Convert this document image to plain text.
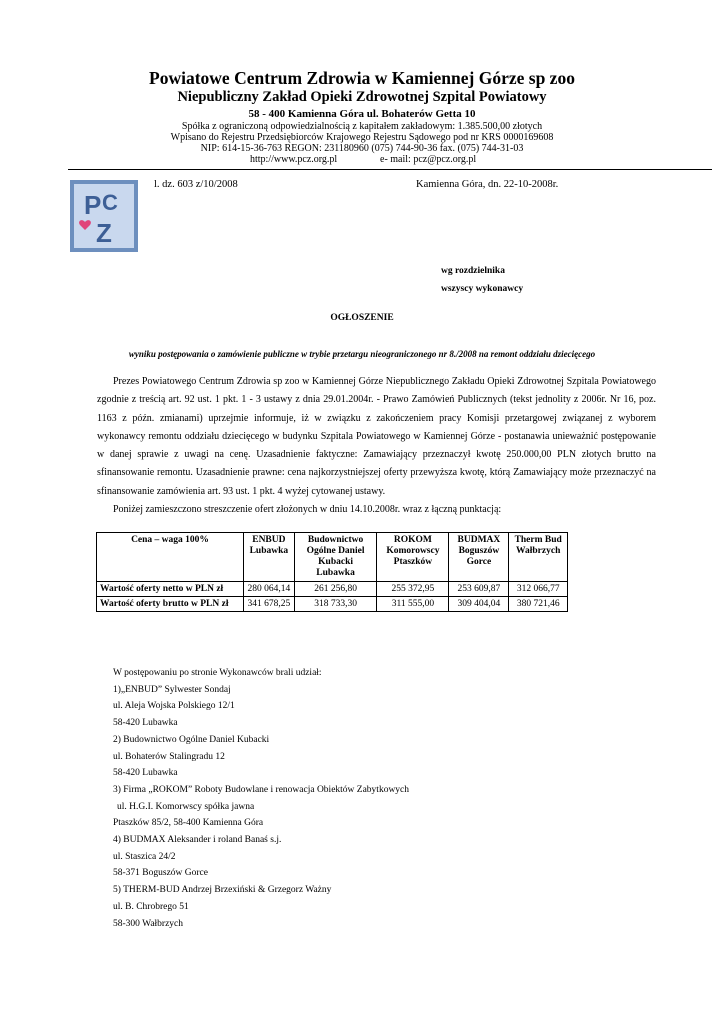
Powiatowe Centrum Zdrowia w Kamiennej Górze sp zoo
Niepubliczny Zakład Opieki Zdrowotnej Szpital Powiatowy
58 - 400 Kamienna Góra ul. Bohaterów Getta 10
Spółka z ograniczoną odpowiedzialnością z kapitałem zakładowym: 1.385.500,00 złotych
Wpisano do Rejestru Przedsiębiorców Krajowego Rejestru Sądowego pod nr KRS 0000169608
NIP: 614-15-36-763 REGON: 231180960 (075) 744-90-36 fax. (075) 744-31-03
http://www.pcz.org.pl	e- mail: pcz@pcz.org.pl
P C
Z
l. dz. 603 z/10/2008	Kamienna Góra, dn. 22-10-2008r.
wg rozdzielnika
wszyscy wykonawcy
OGŁOSZENIE
wyniku postępowania o zamówienie publiczne w trybie przetargu nieograniczonego nr 8./2008 na remont oddziału dziecięcego

Prezes Powiatowego Centrum Zdrowia sp zoo w Kamiennej Górze Niepublicznego Zakładu Opieki Zdrowotnej Szpitala Powiatowego zgodnie z treścią art. 92 ust. 1 pkt. 1 - 3 ustawy z dnia 29.01.2004r. - Prawo Zamówień Publicznych (tekst jednolity z 2006r. Nr 16, poz. 1163 z późn. zmianami) uprzejmie informuje, iż w związku z zakończeniem pracy Komisji przetargowej związanej z wyborem wykonawcy remontu oddziału dziecięcego w budynku Szpitala Powiatowego w Kamiennej Górze - postanawia unieważnić postępowanie w danej sprawie z uwagi na cenę. Uzasadnienie faktyczne: Zamawiający przeznaczył kwotę 250.000,00 PLN złotych brutto na sfinansowanie remontu. Uzasadnienie prawne: cena najkorzystniejszej oferty przewyższa kwotę, którą Zamawiający może przeznaczyć na sfinansowanie zamówienia art. 93 ust. 1 pkt. 4 wyżej cytowanej ustawy.

Poniżej zamieszczono streszczenie ofert złożonych w dniu 14.10.2008r. wraz z łączną punktacją:

Cena – waga 100%	ENBUD Lubawka	Budownictwo Ogólne Daniel Kubacki Lubawka	ROKOM Komorowscy Ptaszków	BUDMAX Boguszów Gorce	Therm Bud Wałbrzych
Wartość oferty netto w PLN zł	280 064,14	261 256,80	255 372,95	253 609,87	312 066,77
Wartość oferty brutto w PLN zł	341 678,25	318 733,30	311 555,00	309 404,04	380 721,46
W postępowaniu po stronie Wykonawców brali udział:
1)„ENBUD” Sylwester Sondaj
ul. Aleja Wojska Polskiego 12/1
58-420 Lubawka
2) Budownictwo Ogólne Daniel Kubacki
ul. Bohaterów Stalingradu 12
58-420 Lubawka
3) Firma „ROKOM” Roboty Budowlane i renowacja Obiektów Zabytkowych
ul. H.G.I. Komorwscy spółka jawna
Ptaszków 85/2, 58-400 Kamienna Góra
4) BUDMAX Aleksander i roland Banaś s.j.
ul. Staszica 24/2
58-371 Boguszów Gorce
5) THERM-BUD Andrzej Brzexiński & Grzegorz Ważny
ul. B. Chrobrego 51
58-300 Wałbrzych
